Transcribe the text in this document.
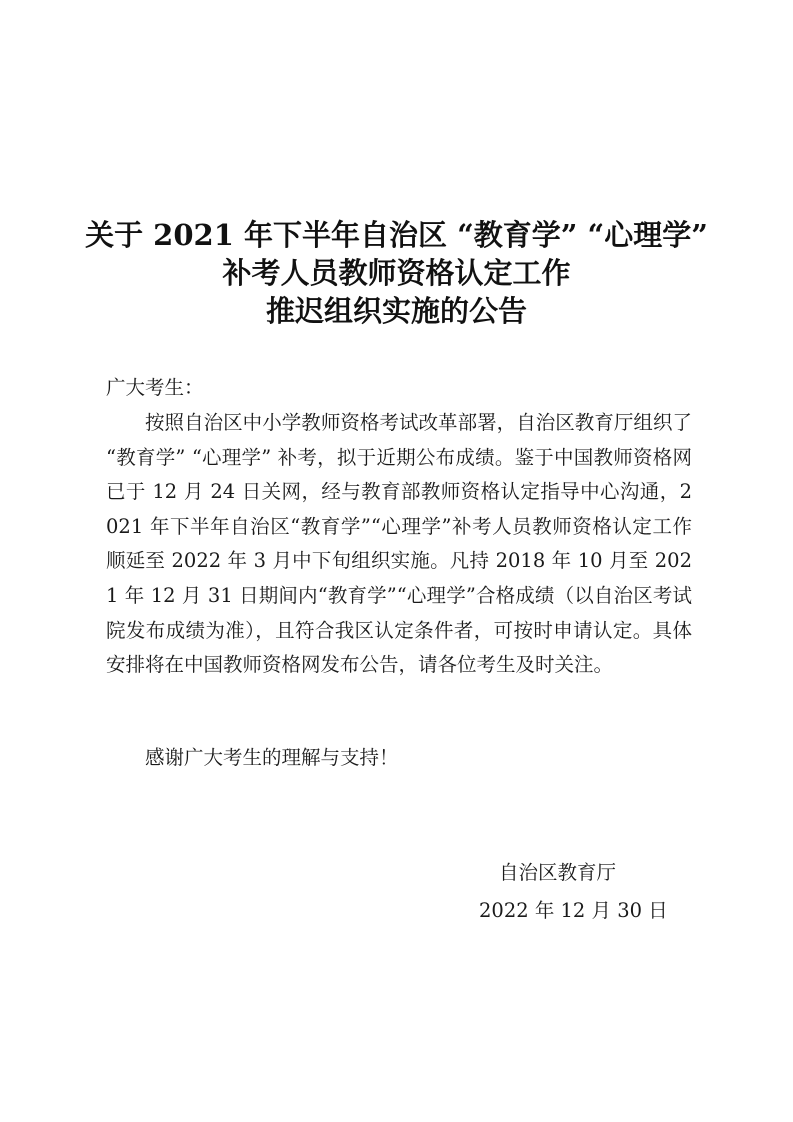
关于 2021 年下半年自治区 “教育学” “心理学”
补考人员教师资格认定工作
推迟组织实施的公告
广大考生：

按照自治区中小学教师资格考试改革部署，自治区教育厅组织了 “教育学” “心理学” 补考，拟于近期公布成绩。鉴于中国教师资格网已于 12 月 24 日关网，经与教育部教师资格认定指导中心沟通，2021 年下半年自治区“教育学”“心理学”补考人员教师资格认定工作顺延至 2022 年 3 月中下旬组织实施。凡持 2018 年 10 月至 2021 年 12 月 31 日期间内“教育学”“心理学”合格成绩（以自治区考试院发布成绩为准），且符合我区认定条件者，可按时申请认定。具体安排将在中国教师资格网发布公告，请各位考生及时关注。

感谢广大考生的理解与支持！
自治区教育厅
2022 年 12 月 30 日
